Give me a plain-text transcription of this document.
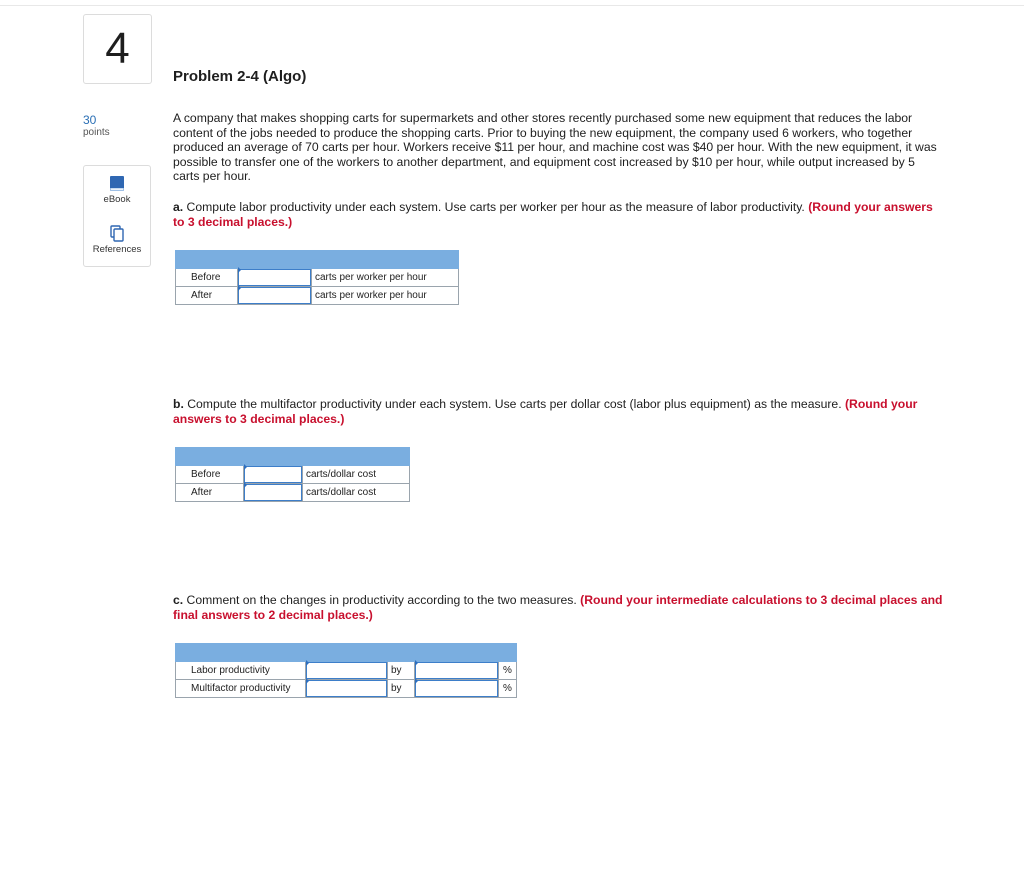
4
30
points
eBook
References
Problem 2-4 (Algo)
A company that makes shopping carts for supermarkets and other stores recently purchased some new equipment that reduces the labor content of the jobs needed to produce the shopping carts. Prior to buying the new equipment, the company used 6 workers, who together produced an average of 70 carts per hour. Workers receive $11 per hour, and machine cost was $40 per hour. With the new equipment, it was possible to transfer one of the workers to another department, and equipment cost increased by $10 per hour, while output increased by 5 carts per hour.
a. Compute labor productivity under each system. Use carts per worker per hour as the measure of labor productivity. (Round your answers to 3 decimal places.)

Before		carts per worker per hour
After		carts per worker per hour
b. Compute the multifactor productivity under each system. Use carts per dollar cost (labor plus equipment) as the measure. (Round your answers to 3 decimal places.)

Before		carts/dollar cost
After		carts/dollar cost
c. Comment on the changes in productivity according to the two measures. (Round your intermediate calculations to 3 decimal places and final answers to 2 decimal places.)

Labor productivity		by		%
Multifactor productivity		by		%
